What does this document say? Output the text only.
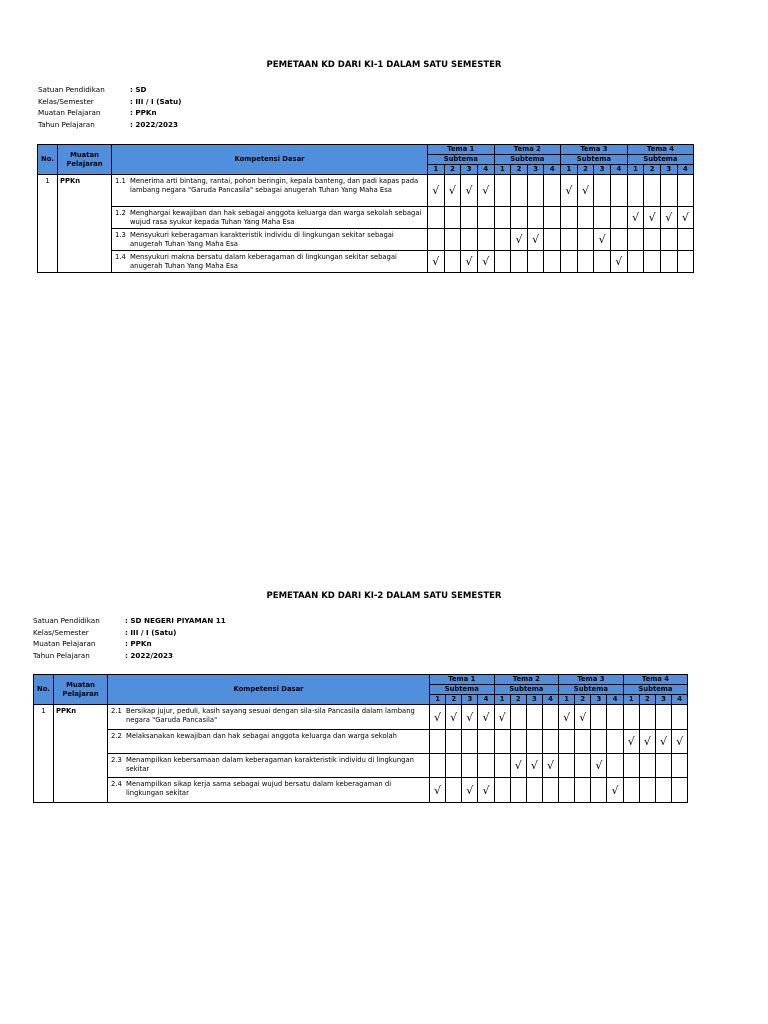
PEMETAAN KD DARI KI-1 DALAM SATU SEMESTER
Satuan Pendidikan	: SD
Kelas/Semester	: III / I (Satu)
Muatan Pelajaran	: PPKn
Tahun Pelajaran	: 2022/2023
No.	Muatan Pelajaran	Kompetensi Dasar	Tema 1				Tema 2				Tema 3				Tema 4			
			Subtema				Subtema				Subtema				Subtema			
			1	2	3	4	1	2	3	4	1	2	3	4	1	2	3	4
1	PPKn	1.1 Menerima arti bintang, rantai, pohon beringin, kepala banteng, dan padi kapas pada lambang negara "Garuda Pancasila" sebagai anugerah Tuhan Yang Maha Esa	√	√	√	√					√	√						
		1.2 Menghargai kewajiban dan hak sebagai anggota keluarga dan warga sekolah sebagai wujud rasa syukur kepada Tuhan Yang Maha Esa													√	√	√	√
		1.3 Mensyukuri keberagaman karakteristik individu di lingkungan sekitar sebagai anugerah Tuhan Yang Maha Esa						√	√				√					
		1.4 Mensyukuri makna bersatu dalam keberagaman di lingkungan sekitar sebagai anugerah Tuhan Yang Maha Esa	√		√	√								√				
PEMETAAN KD DARI KI-2 DALAM SATU SEMESTER
Satuan Pendidikan	: SD NEGERI PIYAMAN 11
Kelas/Semester	: III / I (Satu)
Muatan Pelajaran	: PPKn
Tahun Pelajaran	: 2022/2023
No.	Muatan Pelajaran	Kompetensi Dasar	Tema 1				Tema 2				Tema 3				Tema 4			
			Subtema				Subtema				Subtema				Subtema			
			1	2	3	4	1	2	3	4	1	2	3	4	1	2	3	4
1	PPKn	2.1 Bersikap jujur, peduli, kasih sayang sesuai dengan sila-sila Pancasila dalam lambang negara "Garuda Pancasila"	√	√	√	√	√				√	√						
		2.2 Melaksanakan kewajiban dan hak sebagai anggota keluarga dan warga sekolah													√	√	√	√
		2.3 Menampilkan kebersamaan dalam keberagaman karakteristik individu di lingkungan sekitar						√	√	√			√					
		2.4 Menampilkan sikap kerja sama sebagai wujud bersatu dalam keberagaman di lingkungan sekitar	√		√	√								√				
